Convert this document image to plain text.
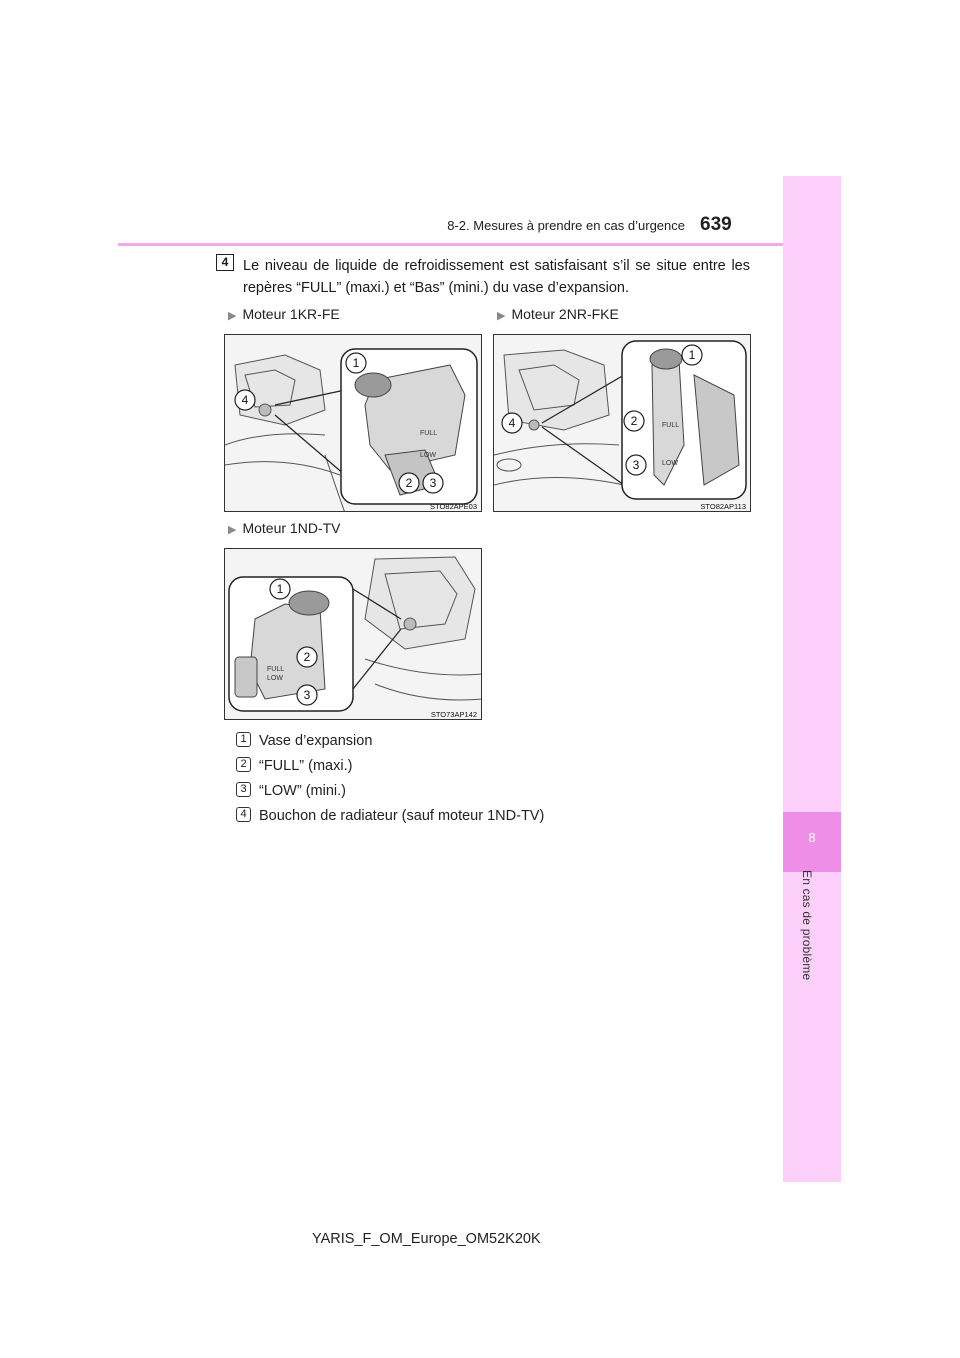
8-2. Mesures à prendre en cas d’urgence 639
8
En cas de problème
4	Le niveau de liquide de refroidissement est satisfaisant s’il se situe entre les repères “FULL” (maxi.) et “Bas” (mini.) du vase d’expansion.
▶ Moteur 1KR-FE	▶ Moteur 2NR-FKE
▶ Moteur 1ND-TV
FULL
LOW
1
2 3
4
STO82APE03
FULL
LOW
1
2
3
4
STO82AP113
FULL
LOW
1
2
3
STO73AP142
1 Vase d’expansion
2 “FULL” (maxi.)
3 “LOW” (mini.)
4 Bouchon de radiateur (sauf moteur 1ND-TV)
YARIS_F_OM_Europe_OM52K20K
